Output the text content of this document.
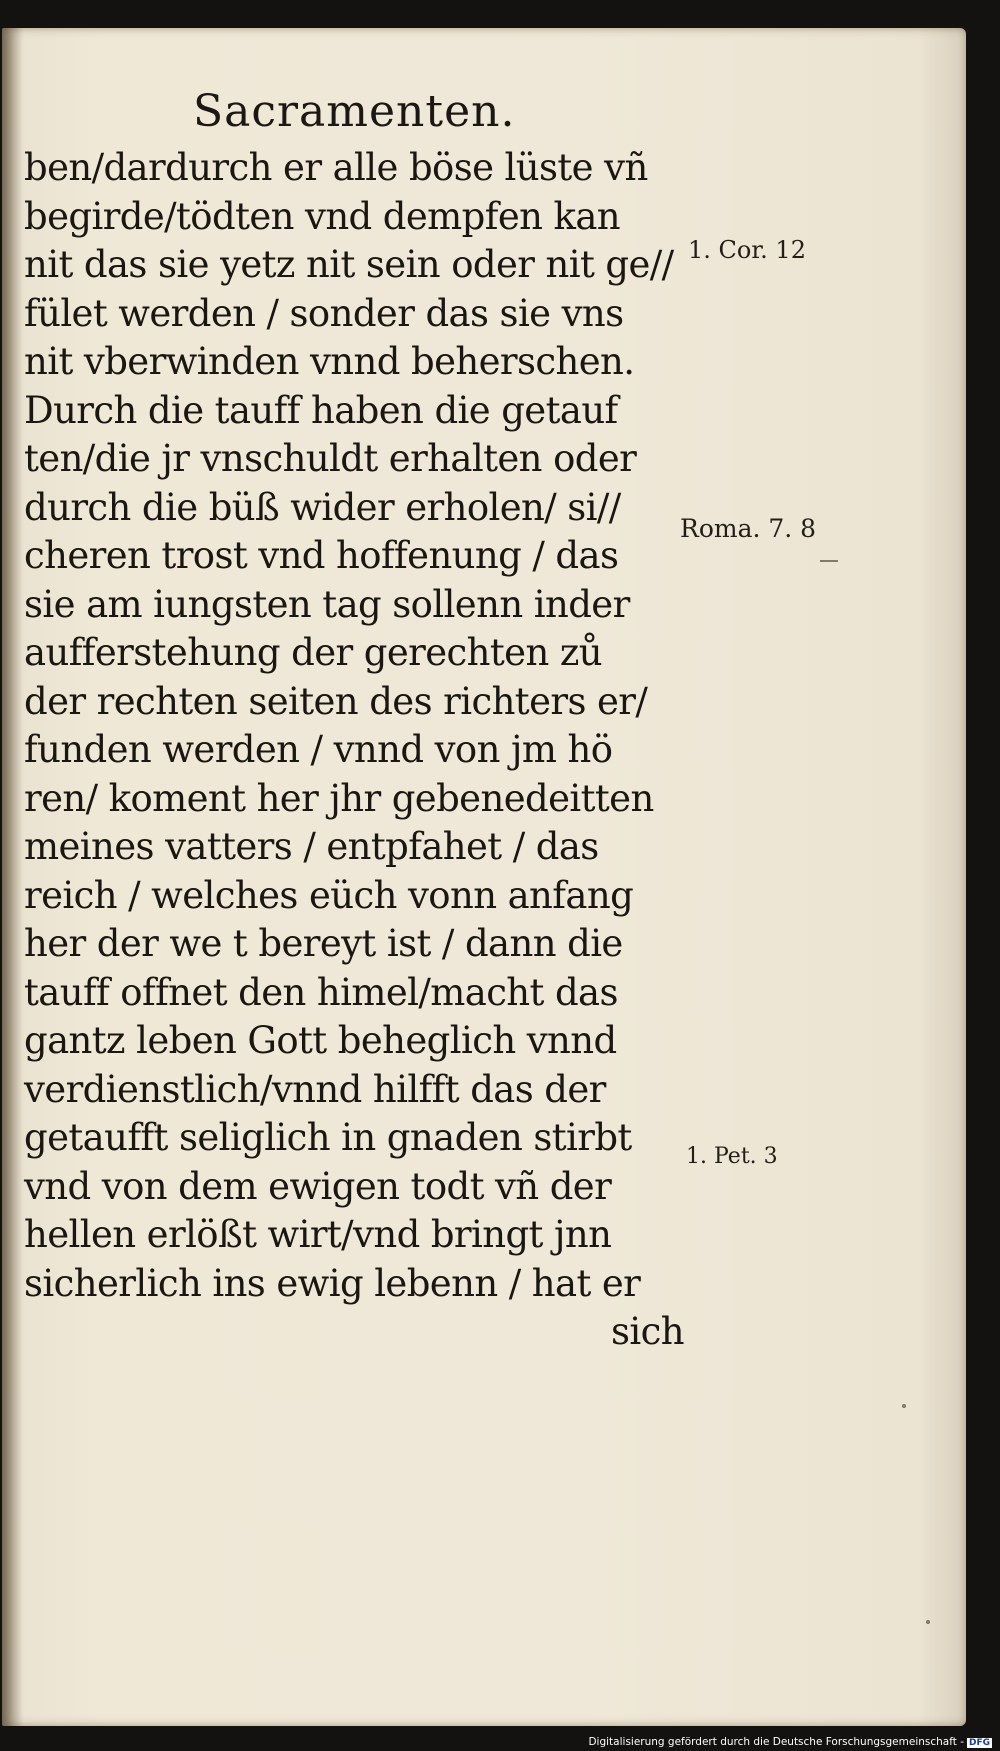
Sacramenten.
ben/dardurch er alle böse lüste vñ
begirde/tödten vnd dempfen kan
nit das sie yetz nit sein oder nit ge//
fület werden / sonder das sie vns
nit vberwinden vnnd beherschen.
Durch die tauff haben die getauf
ten/die jr vnschuldt erhalten oder
durch die büß wider erholen/ si//
cheren trost vnd hoffenung / das
sie am iungsten tag sollenn inder
aufferstehung der gerechten zů
der rechten seiten des richters er/
funden werden / vnnd von jm hö
ren/ koment her jhr gebenedeitten
meines vatters / entpfahet / das
reich / welches eüch vonn anfang
her der we t bereyt ist / dann die
tauff offnet den himel/macht das
gantz leben Gott beheglich vnnd
verdienstlich/vnnd hilfft das der
getaufft seliglich in gnaden stirbt
vnd von dem ewigen todt vñ der
hellen erlößt wirt/vnd bringt jnn
sicherlich ins ewig lebenn / hat er
sich
1. Cor. 12
Roma. 7. 8
1. Pet. 3
Digitalisierung gefördert durch die Deutsche Forschungsgemeinschaft - DFG
